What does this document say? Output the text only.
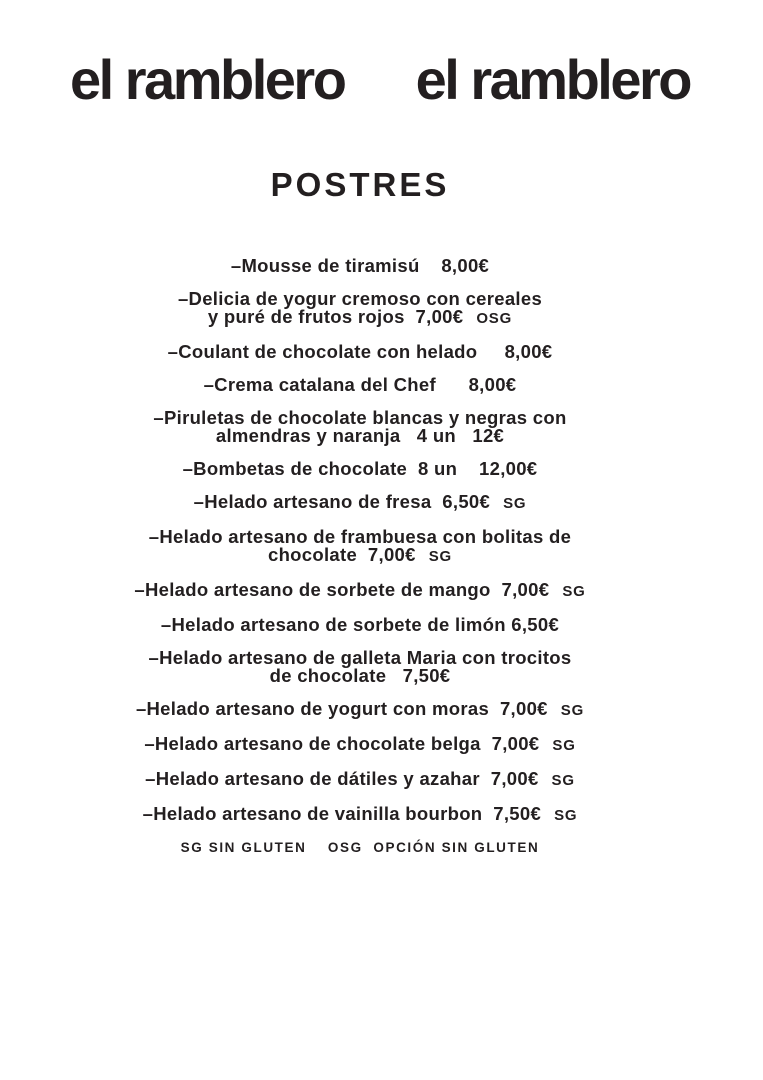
el ramblero el ramblero
POSTRES
–Mousse de tiramisú    8,00€
–Delicia de yogur cremoso con cereales
y puré de frutos rojos  7,00€ OSG
–Coulant de chocolate con helado     8,00€
–Crema catalana del Chef      8,00€
–Piruletas de chocolate blancas y negras con
almendras y naranja   4 un   12€
–Bombetas de chocolate  8 un    12,00€
–Helado artesano de fresa  6,50€ SG
–Helado artesano de frambuesa con bolitas de
chocolate  7,00€ SG
–Helado artesano de sorbete de mango  7,00€ SG
–Helado artesano de sorbete de limón 6,50€
–Helado artesano de galleta Maria con trocitos
de chocolate   7,50€
–Helado artesano de yogurt con moras  7,00€ SG
–Helado artesano de chocolate belga  7,00€ SG
–Helado artesano de dátiles y azahar  7,00€ SG
–Helado artesano de vainilla bourbon  7,50€ SG
SG SIN GLUTEN    OSG  OPCIÓN SIN GLUTEN
